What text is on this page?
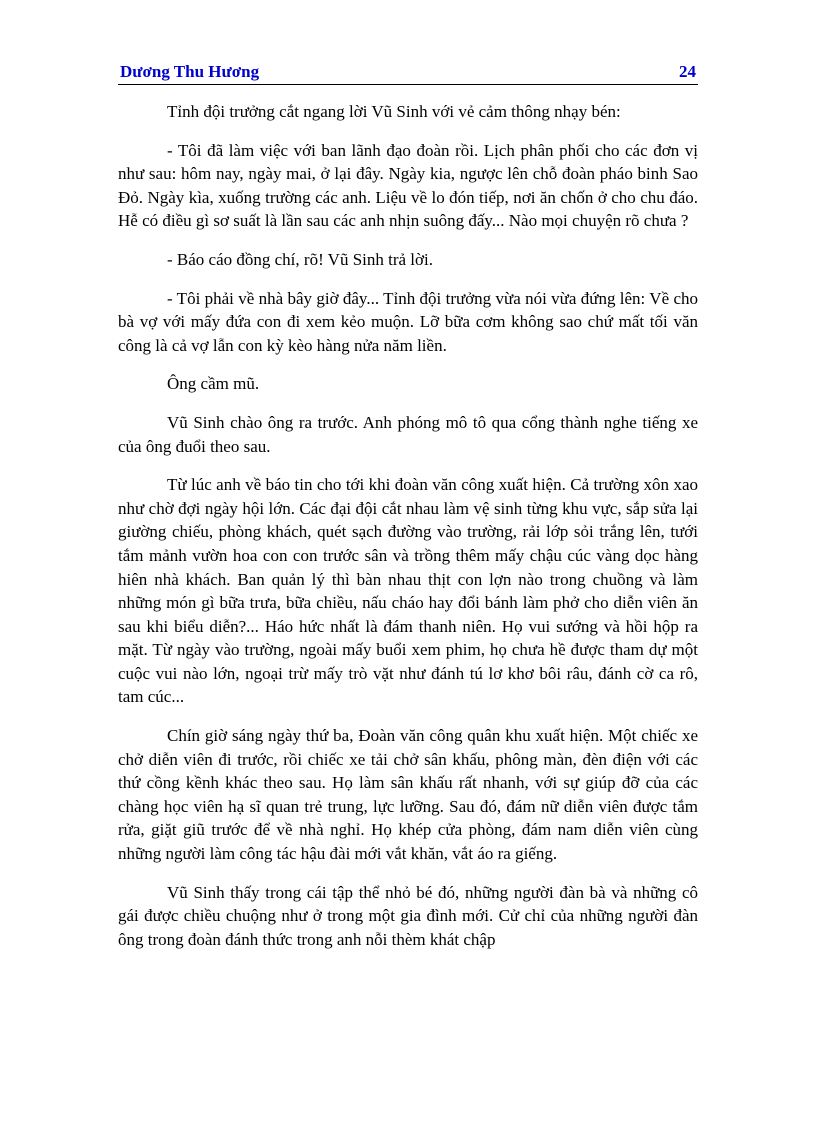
Dương Thu Hương	24

Tỉnh đội trưởng cắt ngang lời Vũ Sinh với vẻ cảm thông nhạy bén:

- Tôi đã làm việc với ban lãnh đạo đoàn rồi. Lịch phân phối cho các đơn vị như sau: hôm nay, ngày mai, ở lại đây. Ngày kia, ngược lên chỗ đoàn pháo binh Sao Đỏ. Ngày kìa, xuống trường các anh. Liệu về lo đón tiếp, nơi ăn chốn ở cho chu đáo. Hễ có điều gì sơ suất là lần sau các anh nhịn suông đấy... Nào mọi chuyện rõ chưa ?

- Báo cáo đồng chí, rõ! Vũ Sinh trả lời.

- Tôi phải về nhà bây giờ đây... Tỉnh đội trưởng vừa nói vừa đứng lên: Về cho bà vợ với mấy đứa con đi xem kẻo muộn. Lỡ bữa cơm không sao chứ mất tối văn công là cả vợ lẫn con kỳ kèo hàng nửa năm liền.

Ông cầm mũ.

Vũ Sinh chào ông ra trước. Anh phóng mô tô qua cổng thành nghe tiếng xe của ông đuổi theo sau.

Từ lúc anh về báo tin cho tới khi đoàn văn công xuất hiện. Cả trường xôn xao như chờ đợi ngày hội lớn. Các đại đội cắt nhau làm vệ sinh từng khu vực, sắp sửa lại giường chiếu, phòng khách, quét sạch đường vào trường, rải lớp sỏi trắng lên, tưới tắm mảnh vườn hoa con con trước sân và trồng thêm mấy chậu cúc vàng dọc hàng hiên nhà khách. Ban quản lý thì bàn nhau thịt con lợn nào trong chuồng và làm những món gì bữa trưa, bữa chiều, nấu cháo hay đổi bánh làm phở cho diễn viên ăn sau khi biểu diễn?... Háo hức nhất là đám thanh niên. Họ vui sướng và hồi hộp ra mặt. Từ ngày vào trường, ngoài mấy buổi xem phim, họ chưa hề được tham dự một cuộc vui nào lớn, ngoại trừ mấy trò vặt như đánh tú lơ khơ bôi râu, đánh cờ ca rô, tam cúc...

Chín giờ sáng ngày thứ ba, Đoàn văn công quân khu xuất hiện. Một chiếc xe chở diễn viên đi trước, rồi chiếc xe tải chở sân khấu, phông màn, đèn điện với các thứ cồng kềnh khác theo sau. Họ làm sân khấu rất nhanh, với sự giúp đỡ của các chàng học viên hạ sĩ quan trẻ trung, lực lưỡng. Sau đó, đám nữ diễn viên được tắm rửa, giặt giũ trước để về nhà nghỉ. Họ khép cửa phòng, đám nam diễn viên cùng những người làm công tác hậu đài mới vắt khăn, vắt áo ra giếng.

Vũ Sinh thấy trong cái tập thể nhỏ bé đó, những người đàn bà và những cô gái được chiều chuộng như ở trong một gia đình mới. Cử chỉ của những người đàn ông trong đoàn đánh thức trong anh nỗi thèm khát chập
